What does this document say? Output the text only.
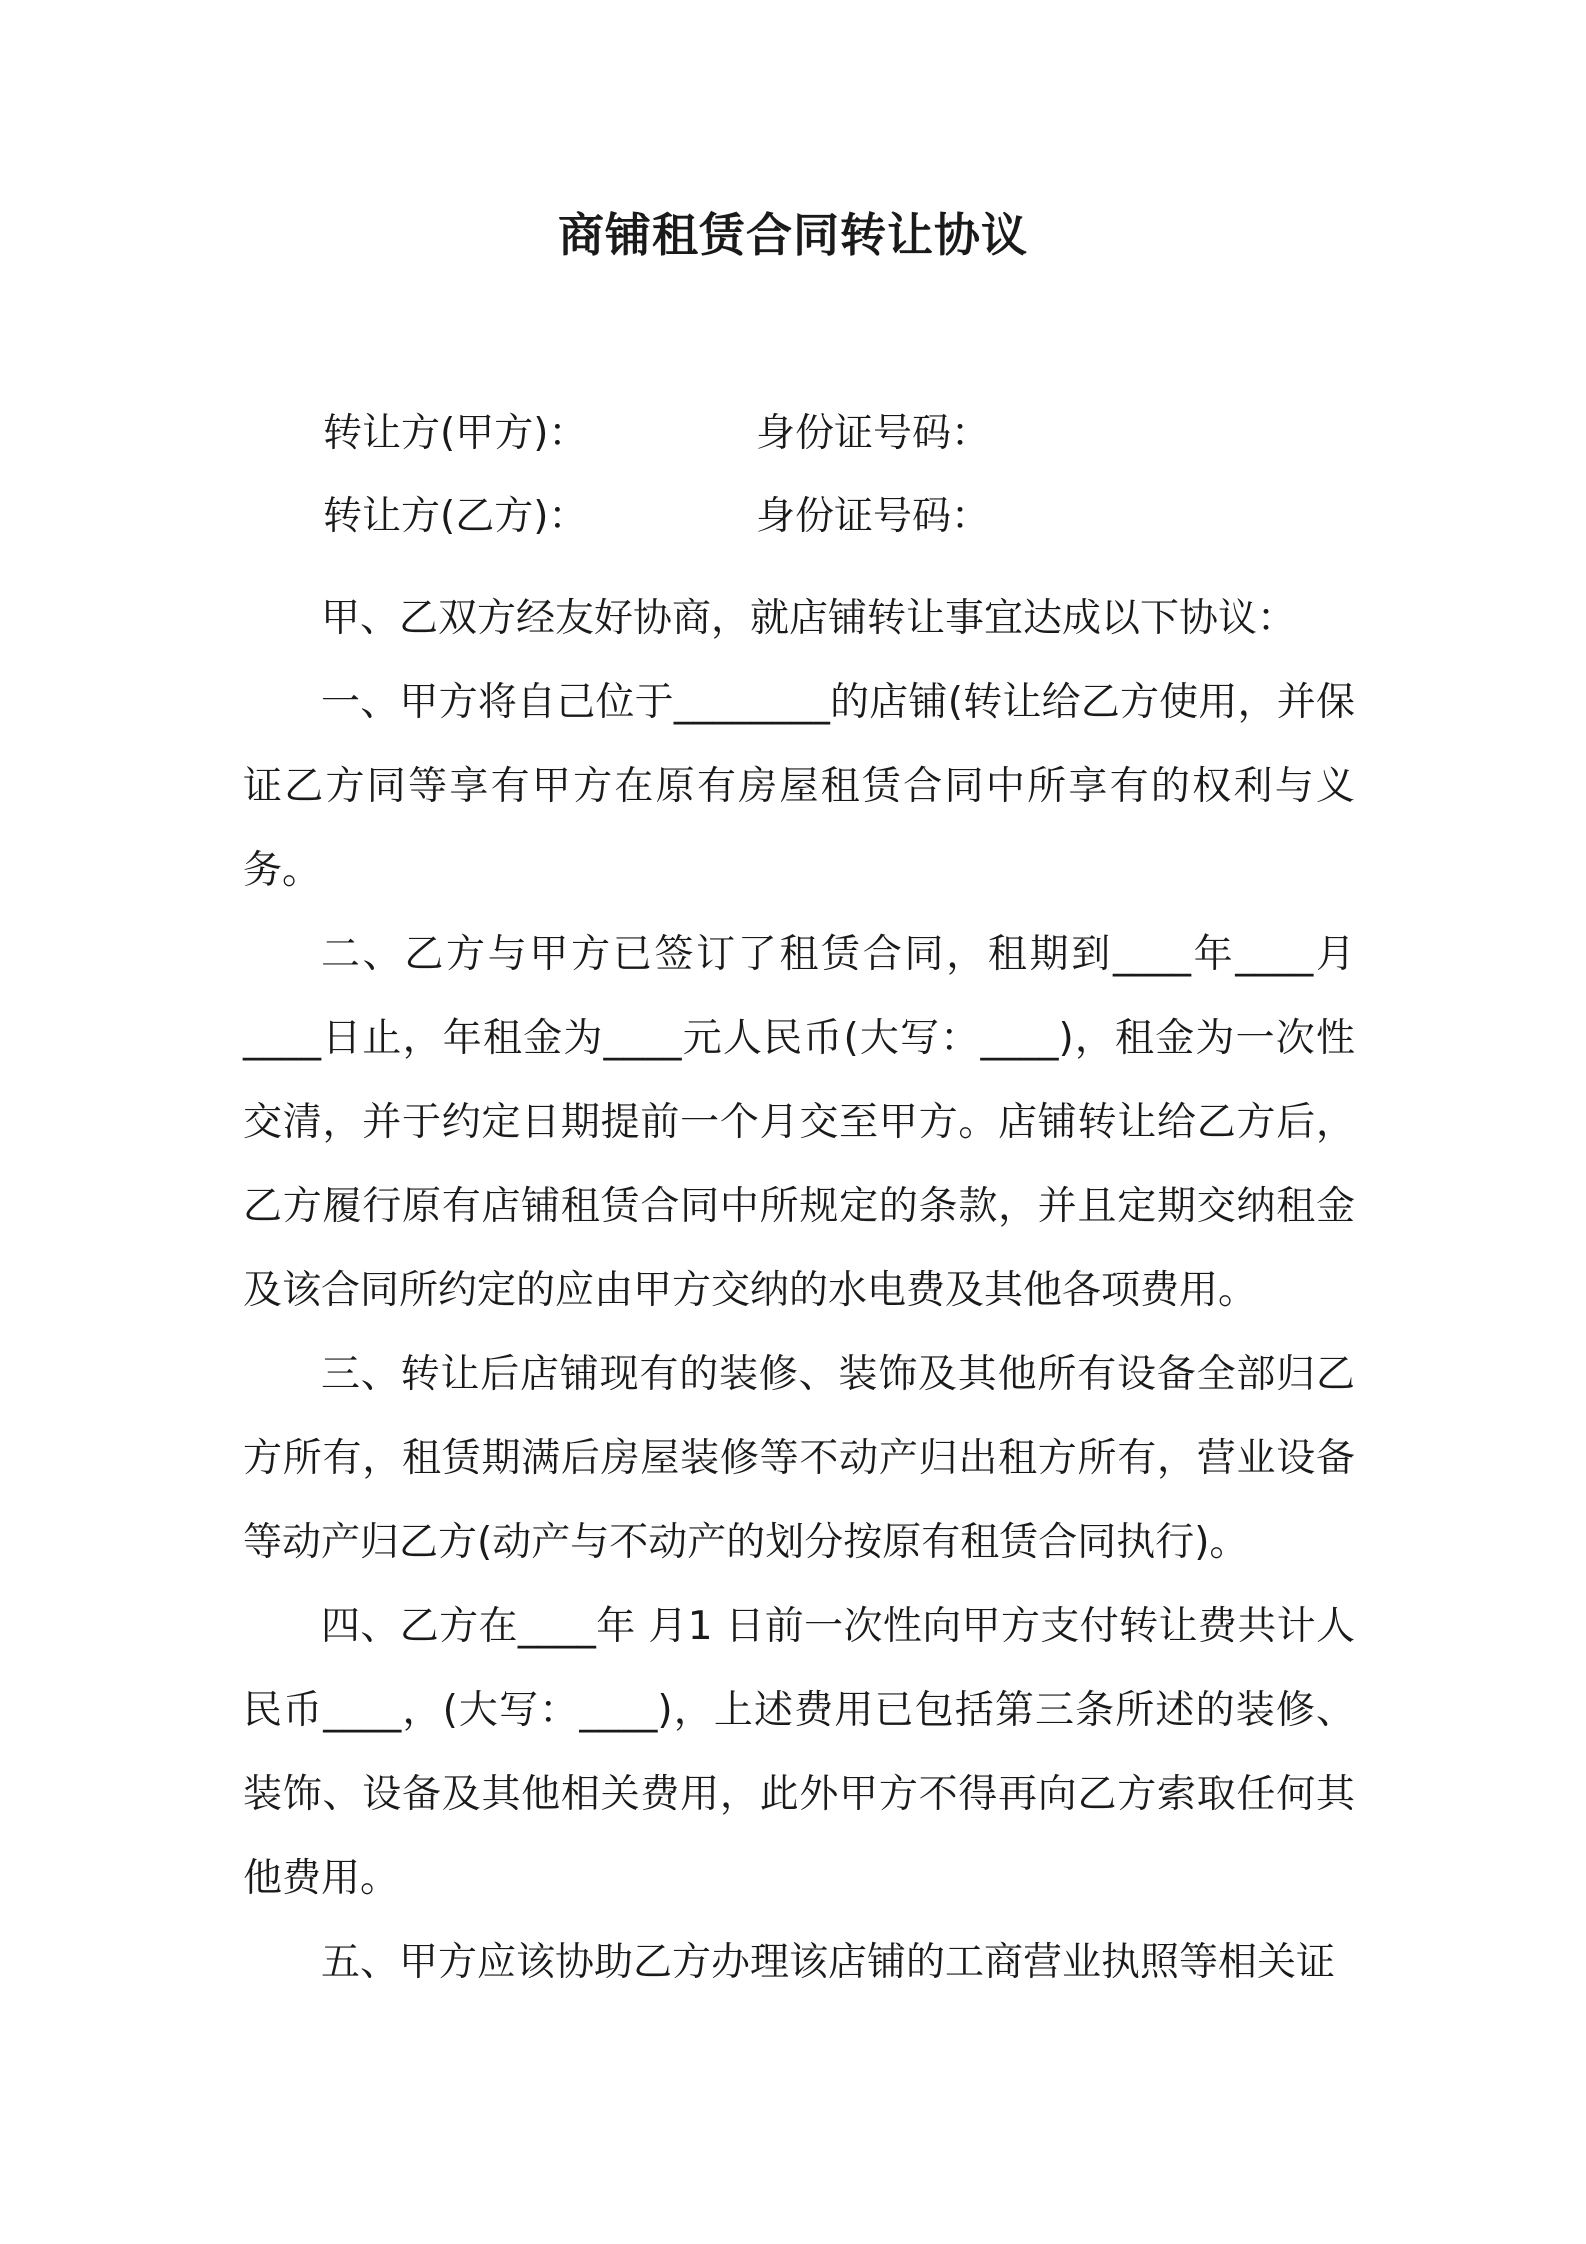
商铺租赁合同转让协议
转让方(甲方)：	身份证号码：
转让方(乙方)：	身份证号码：

甲、乙双方经友好协商，就店铺转让事宜达成以下协议：

一、甲方将自己位于________的店铺(转让给乙方使用，并保证乙方同等享有甲方在原有房屋租赁合同中所享有的权利与义务。

二、乙方与甲方已签订了租赁合同，租期到____年____月____日止，年租金为____元人民币(大写：____)，租金为一次性交清，并于约定日期提前一个月交至甲方。店铺转让给乙方后，乙方履行原有店铺租赁合同中所规定的条款，并且定期交纳租金及该合同所约定的应由甲方交纳的水电费及其他各项费用。

三、转让后店铺现有的装修、装饰及其他所有设备全部归乙方所有，租赁期满后房屋装修等不动产归出租方所有，营业设备等动产归乙方(动产与不动产的划分按原有租赁合同执行)。

四、乙方在____年 月1 日前一次性向甲方支付转让费共计人民币____，(大写：____)，上述费用已包括第三条所述的装修、装饰、设备及其他相关费用，此外甲方不得再向乙方索取任何其他费用。

五、甲方应该协助乙方办理该店铺的工商营业执照等相关证
